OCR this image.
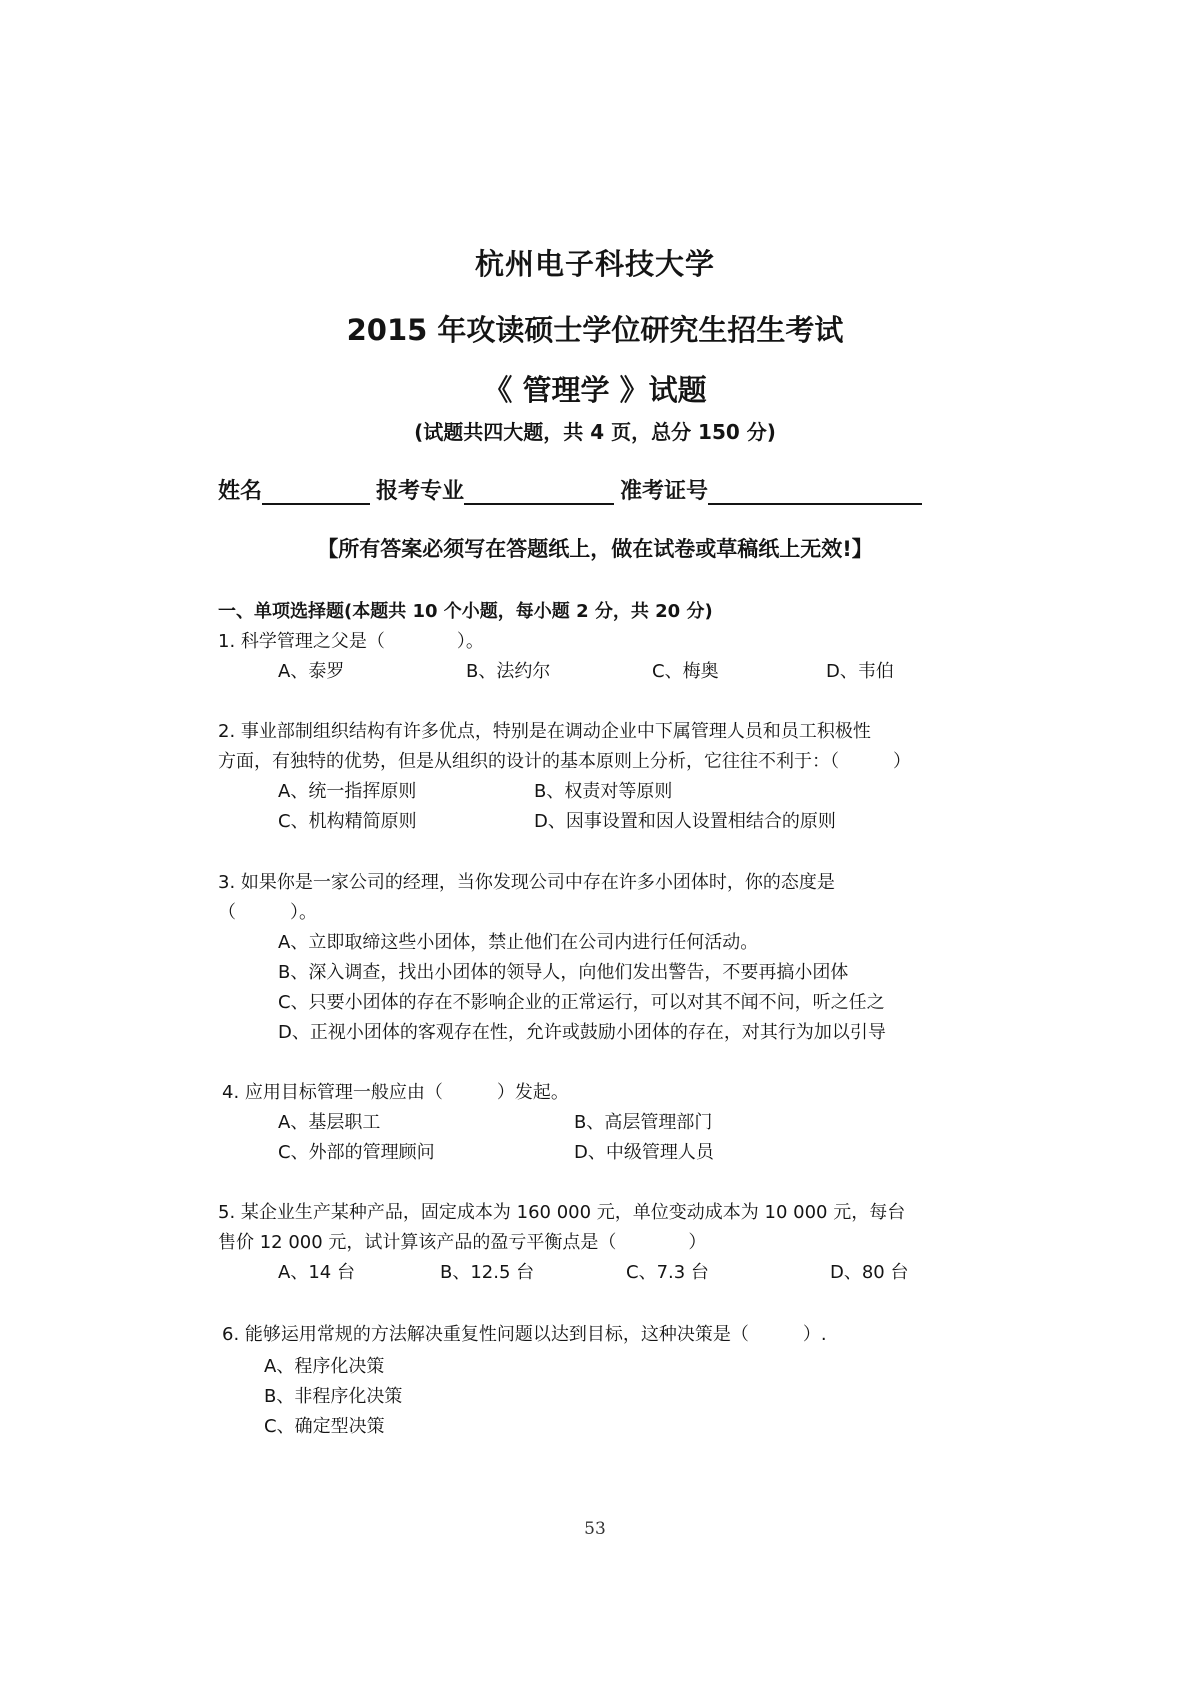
杭州电子科技大学
2015 年攻读硕士学位研究生招生考试
《 管理学 》试题
(试题共四大题，共 4 页，总分 150 分)
姓名	报考专业	准考证号
【所有答案必须写在答题纸上，做在试卷或草稿纸上无效!】
一、单项选择题(本题共 10 个小题，每小题 2 分，共 20 分)
1. 科学管理之父是（　　　　）。
A、泰罗	B、法约尔	C、梅奥	D、韦伯
2. 事业部制组织结构有许多优点，特别是在调动企业中下属管理人员和员工积极性
方面，有独特的优势，但是从组织的设计的基本原则上分析，它往往不利于：（　　　）
A、统一指挥原则	B、权责对等原则
C、机构精简原则	D、因事设置和因人设置相结合的原则
3. 如果你是一家公司的经理，当你发现公司中存在许多小团体时，你的态度是
（　　　）。
A、立即取缔这些小团体，禁止他们在公司内进行任何活动。
B、深入调查，找出小团体的领导人，向他们发出警告，不要再搞小团体
C、只要小团体的存在不影响企业的正常运行，可以对其不闻不问，听之任之
D、正视小团体的客观存在性，允许或鼓励小团体的存在，对其行为加以引导
4. 应用目标管理一般应由（　　　）发起。
A、基层职工	B、高层管理部门
C、外部的管理顾问	D、中级管理人员
5. 某企业生产某种产品，固定成本为 160 000 元，单位变动成本为 10 000 元，每台
售价 12 000 元，试计算该产品的盈亏平衡点是（　　　　）
A、14 台	B、12.5 台	C、7.3 台	D、80 台
6. 能够运用常规的方法解决重复性问题以达到目标，这种决策是（　　　）.
A、程序化决策
B、非程序化决策
C、确定型决策
53
